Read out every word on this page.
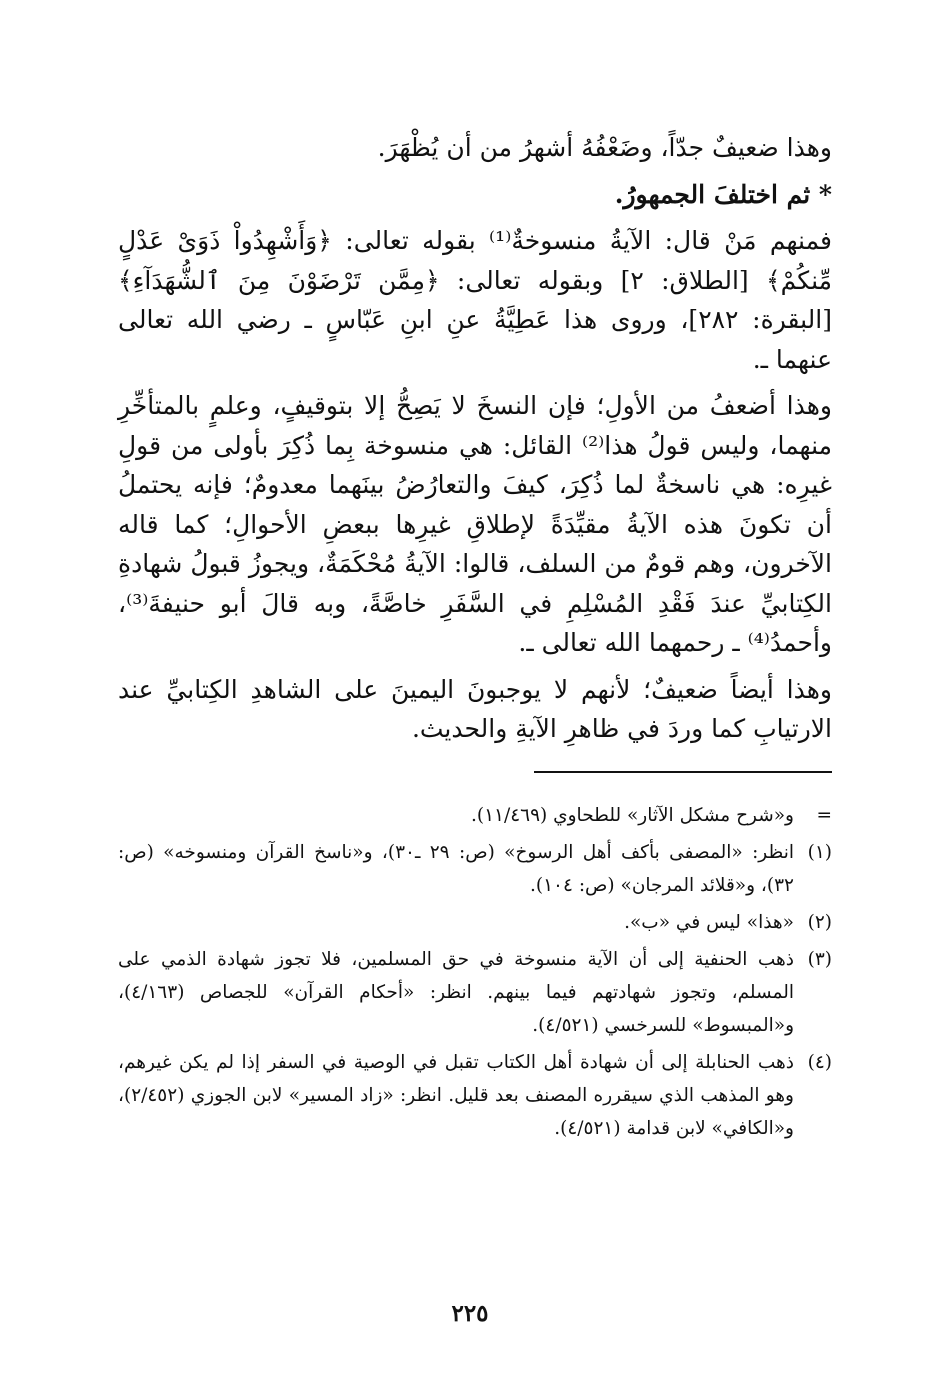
وهذا ضعيفٌ جدّاً، وضَعْفُهُ أشهرُ من أن يُظْهَرَ.

* ثم اختلفَ الجمهورُ.

فمنهم مَنْ قال: الآيةُ منسوخةٌ⁽¹⁾ بقوله تعالى: ﴿وَأَشْهِدُواْ ذَوَىْ عَدْلٍ مِّنكُمْ﴾ [الطلاق: ٢] وبقوله تعالى: ﴿مِمَّن تَرْضَوْنَ مِنَ ٱلشُّهَدَآءِ﴾ [البقرة: ٢٨٢]، وروى هذا عَطِيَّةُ عنِ ابنِ عَبّاسٍ ـ رضي الله تعالى عنهما ـ.

وهذا أضعفُ من الأولِ؛ فإن النسخَ لا يَصِحُّ إلا بتوقيفٍ، وعلمٍ بالمتأخِّرِ منهما، وليس قولُ هذا⁽²⁾ القائل: هي منسوخة بِما ذُكِرَ بأولى من قولِ غيرِه: هي ناسخةٌ لما ذُكِرَ، كيفَ والتعارُضُ بينَهما معدومٌ؛ فإنه يحتملُ أن تكونَ هذه الآيةُ مقيِّدَةً لإطلاقِ غيرِها ببعضِ الأحوالِ؛ كما قاله الآخرون، وهم قومٌ من السلف، قالوا: الآيةُ مُحْكَمَةٌ، ويجوزُ قبولُ شهادةِ الكِتابيِّ عندَ فَقْدِ المُسْلِمِ في السَّفَرِ خاصَّةً، وبه قالَ أبو حنيفةَ⁽³⁾، وأحمدُ⁽⁴⁾ ـ رحمهما الله تعالى ـ.

وهذا أيضاً ضعيفٌ؛ لأنهم لا يوجبونَ اليمينَ على الشاهدِ الكِتابيِّ عند الارتيابِ كما وردَ في ظاهرِ الآيةِ والحديث.

=
و«شرح مشكل الآثار» للطحاوي (١١/٤٦٩).
(١)
انظر: «المصفى بأكف أهل الرسوخ» (ص: ٢٩ ـ٣٠)، و«ناسخ القرآن ومنسوخه» (ص: ٣٢)، و«قلائد المرجان» (ص: ١٠٤).
(٢)
«هذا» ليس في «ب».
(٣)
ذهب الحنفية إلى أن الآية منسوخة في حق المسلمين، فلا تجوز شهادة الذمي على المسلم، وتجوز شهادتهم فيما بينهم. انظر: «أحكام القرآن» للجصاص (٤/١٦٣)، و«المبسوط» للسرخسي (٤/٥٢١).
(٤)
ذهب الحنابلة إلى أن شهادة أهل الكتاب تقبل في الوصية في السفر إذا لم يكن غيرهم، وهو المذهب الذي سيقرره المصنف بعد قليل. انظر: «زاد المسير» لابن الجوزي (٢/٤٥٢)، و«الكافي» لابن قدامة (٤/٥٢١).
٢٢٥
